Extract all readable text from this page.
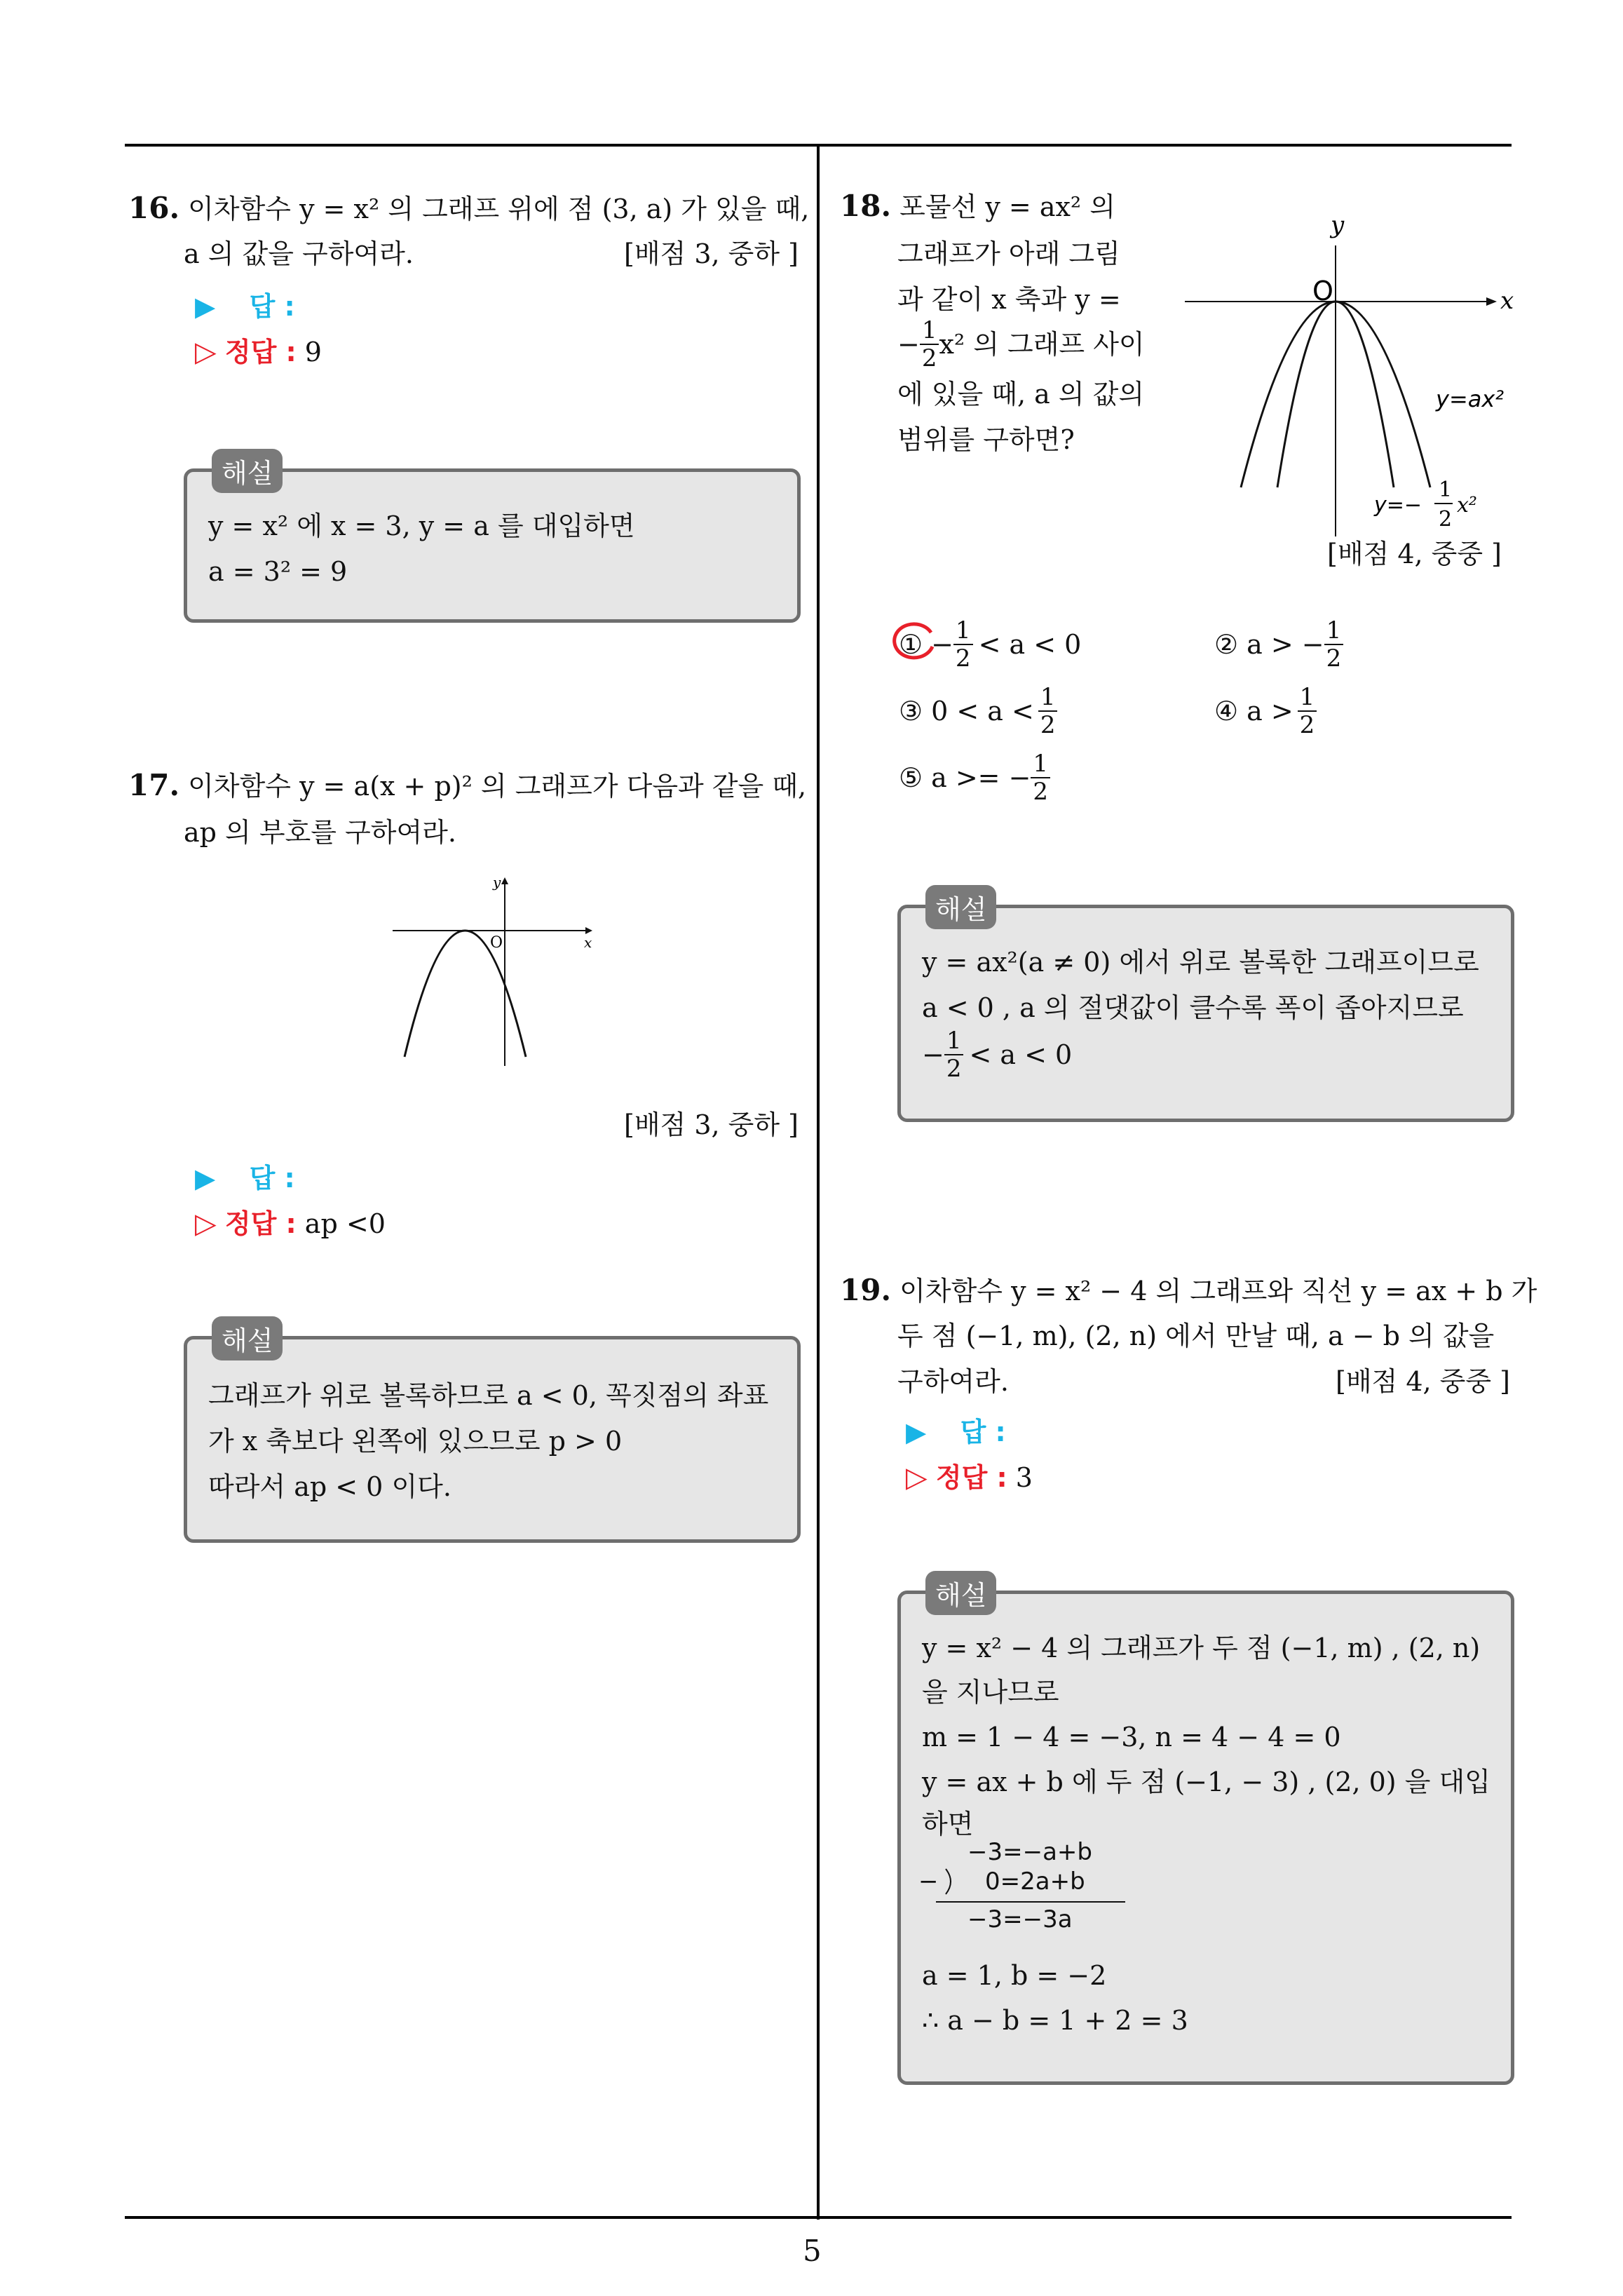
5
16. 이차함수 y = x² 의 그래프 위에 점 (3, a) 가 있을 때,
a 의 값을 구하여라.	[배점 3, 중하 ]
▶ 답 :
▷ 정답 : 9
y = x² 에 x = 3, y = a 를 대입하면
a = 3² = 9
해설
17. 이차함수 y = a(x + p)² 의 그래프가 다음과 같을 때,
ap 의 부호를 구하여라.
y
x
O
[배점 3, 중하 ]
▶ 답 :
▷ 정답 : ap <0
그래프가 위로 볼록하므로 a < 0, 꼭짓점의 좌표
가 x 축보다 왼쪽에 있으므로 p > 0
따라서 ap < 0 이다.
해설
18. 포물선 y = ax² 의
그래프가 아래 그림
과 같이 x 축과 y =
− $\frac{1}{2} x^2$ 의 그래프 사이
에 있을 때, a 의 값의
범위를 구하면?
y
x
O
y=ax²
y=−
1
2
x²
[배점 4, 중중 ]
① − $\frac{1}{2} < a < 0$	② a > − $\frac{1}{2}$
③ $0 < a < \frac{1}{2}$	④ $a > \frac{1}{2}$
⑤ a >= − $\frac{1}{2}$
y = ax²(a ≠ 0) 에서 위로 볼록한 그래프이므로
a < 0 , a 의 절댓값이 클수록 폭이 좁아지므로
− $\frac{1}{2} < a < 0$
해설
19. 이차함수 y = x² − 4 의 그래프와 직선 y = ax + b 가
두 점 (−1, m), (2, n) 에서 만날 때, a − b 의 값을
구하여라.	[배점 4, 중중 ]
▶ 답 :
▷ 정답 : 3
y = x² − 4 의 그래프가 두 점 (−1, m) , (2, n)
을 지나므로
m = 1 − 4 = −3, n = 4 − 4 = 0
y = ax + b 에 두 점 (−1, − 3) , (2, 0) 을 대입
하면
−3=−a+b
− 0=2a+b
−3=−3a
a = 1, b = −2
∴ a − b = 1 + 2 = 3
해설
